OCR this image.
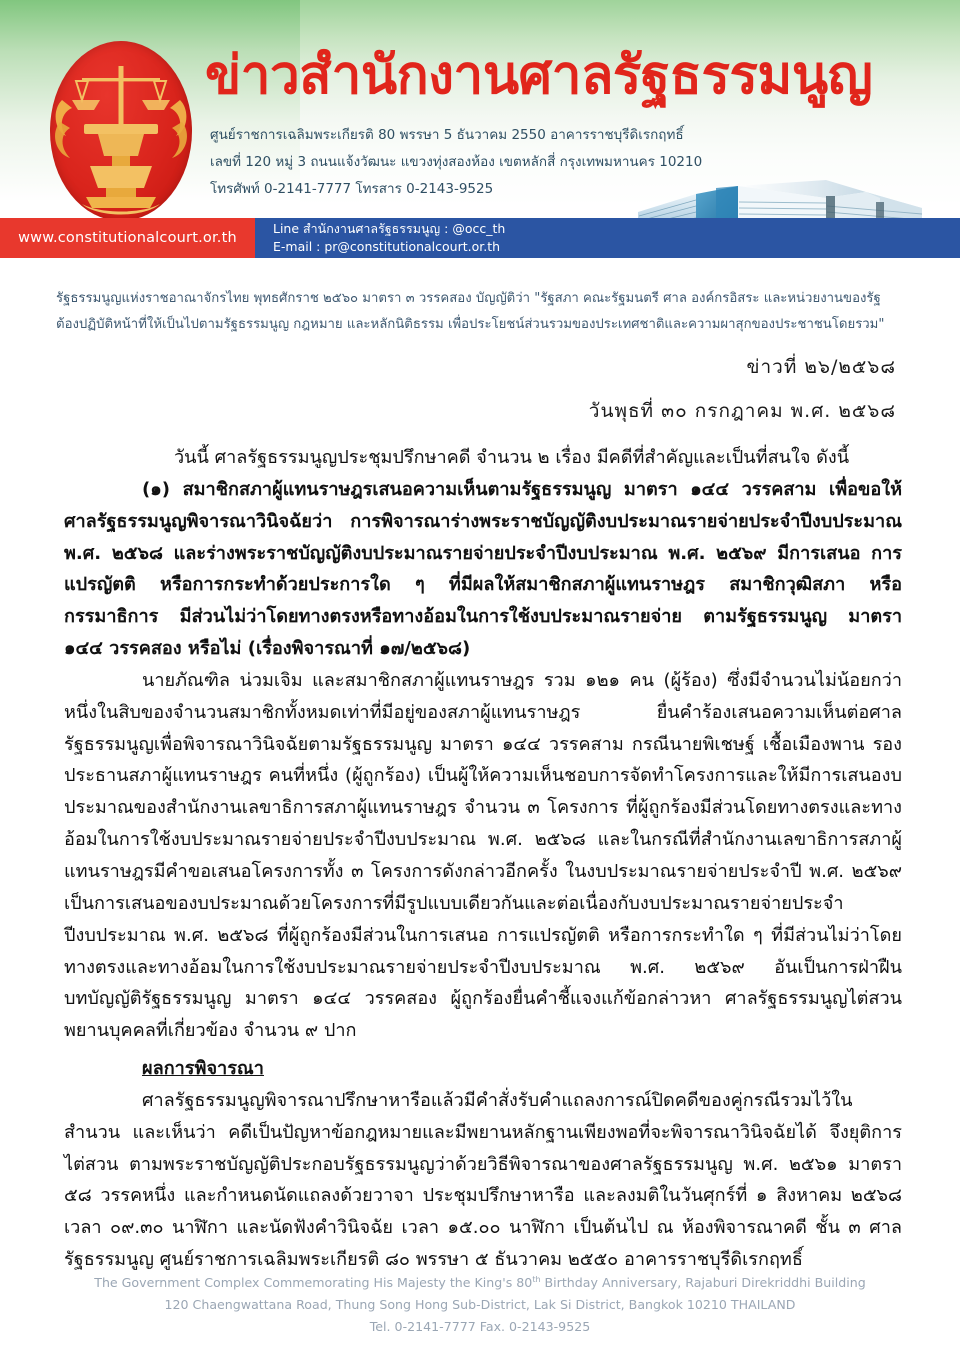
ข่าวสำนักงานศาลรัฐธรรมนูญ
ศูนย์ราชการเฉลิมพระเกียรติ 80 พรรษา 5 ธันวาคม 2550 อาคารราชบุรีดิเรกฤทธิ์
เลขที่ 120 หมู่ 3 ถนนแจ้งวัฒนะ แขวงทุ่งสองห้อง เขตหลักสี่ กรุงเทพมหานคร 10210
โทรศัพท์ 0-2141-7777 โทรสาร 0-2143-9525
www.constitutionalcourt.or.th
Line สำนักงานศาลรัฐธรรมนูญ : @occ_th
E-mail : pr@constitutionalcourt.or.th
รัฐธรรมนูญแห่งราชอาณาจักรไทย พุทธศักราช ๒๕๖๐ มาตรา ๓ วรรคสอง บัญญัติว่า "รัฐสภา คณะรัฐมนตรี ศาล องค์กรอิสระ และหน่วยงานของรัฐ
ต้องปฏิบัติหน้าที่ให้เป็นไปตามรัฐธรรมนูญ กฎหมาย และหลักนิติธรรม เพื่อประโยชน์ส่วนรวมของประเทศชาติและความผาสุกของประชาชนโดยรวม"
ข่าวที่ ๒๖/๒๕๖๘
วันพุธที่ ๓๐ กรกฎาคม พ.ศ. ๒๕๖๘

วันนี้ ศาลรัฐธรรมนูญประชุมปรึกษาคดี จำนวน ๒ เรื่อง มีคดีที่สำคัญและเป็นที่สนใจ ดังนี้

(๑) สมาชิกสภาผู้แทนราษฎรเสนอความเห็นตามรัฐธรรมนูญ มาตรา ๑๔๔ วรรคสาม เพื่อขอให้ศาลรัฐธรรมนูญพิจารณาวินิจฉัยว่า การพิจารณาร่างพระราชบัญญัติงบประมาณรายจ่ายประจำปีงบประมาณ พ.ศ. ๒๕๖๘ และร่างพระราชบัญญัติงบประมาณรายจ่ายประจำปีงบประมาณ พ.ศ. ๒๕๖๙ มีการเสนอ การแปรญัตติ หรือการกระทำด้วยประการใด ๆ ที่มีผลให้สมาชิกสภาผู้แทนราษฎร สมาชิกวุฒิสภา หรือกรรมาธิการ มีส่วนไม่ว่าโดยทางตรงหรือทางอ้อมในการใช้งบประมาณรายจ่าย ตามรัฐธรรมนูญ มาตรา ๑๔๔ วรรคสอง หรือไม่ (เรื่องพิจารณาที่ ๑๗/๒๕๖๘)

นายภัณฑิล น่วมเจิม และสมาชิกสภาผู้แทนราษฎร รวม ๑๒๑ คน (ผู้ร้อง) ซึ่งมีจำนวนไม่น้อยกว่าหนึ่งในสิบของจำนวนสมาชิกทั้งหมดเท่าที่มีอยู่ของสภาผู้แทนราษฎร ยื่นคำร้องเสนอความเห็นต่อศาลรัฐธรรมนูญเพื่อพิจารณาวินิจฉัยตามรัฐธรรมนูญ มาตรา ๑๔๔ วรรคสาม กรณีนายพิเชษฐ์ เชื้อเมืองพาน รองประธานสภาผู้แทนราษฎร คนที่หนึ่ง (ผู้ถูกร้อง) เป็นผู้ให้ความเห็นชอบการจัดทำโครงการและให้มีการเสนองบประมาณของสำนักงานเลขาธิการสภาผู้แทนราษฎร จำนวน ๓ โครงการ ที่ผู้ถูกร้องมีส่วนโดยทางตรงและทางอ้อมในการใช้งบประมาณรายจ่ายประจำปีงบประมาณ พ.ศ. ๒๕๖๘ และในกรณีที่สำนักงานเลขาธิการสภาผู้แทนราษฎรมีคำขอเสนอโครงการทั้ง ๓ โครงการดังกล่าวอีกครั้ง ในงบประมาณรายจ่ายประจำปี พ.ศ. ๒๕๖๙ เป็นการเสนอของบประมาณด้วยโครงการที่มีรูปแบบเดียวกันและต่อเนื่องกับงบประมาณรายจ่ายประจำปีงบประมาณ พ.ศ. ๒๕๖๘ ที่ผู้ถูกร้องมีส่วนในการเสนอ การแปรญัตติ หรือการกระทำใด ๆ ที่มีส่วนไม่ว่าโดยทางตรงและทางอ้อมในการใช้งบประมาณรายจ่ายประจำปีงบประมาณ พ.ศ. ๒๕๖๙ อันเป็นการฝ่าฝืนบทบัญญัติรัฐธรรมนูญ มาตรา ๑๔๔ วรรคสอง ผู้ถูกร้องยื่นคำชี้แจงแก้ข้อกล่าวหา ศาลรัฐธรรมนูญไต่สวนพยานบุคคลที่เกี่ยวข้อง จำนวน ๙ ปาก

ผลการพิจารณา

ศาลรัฐธรรมนูญพิจารณาปรึกษาหารือแล้วมีคำสั่งรับคำแถลงการณ์ปิดคดีของคู่กรณีรวมไว้ในสำนวน และเห็นว่า คดีเป็นปัญหาข้อกฎหมายและมีพยานหลักฐานเพียงพอที่จะพิจารณาวินิจฉัยได้ จึงยุติการไต่สวน ตามพระราชบัญญัติประกอบรัฐธรรมนูญว่าด้วยวิธีพิจารณาของศาลรัฐธรรมนูญ พ.ศ. ๒๕๖๑ มาตรา ๕๘ วรรคหนึ่ง และกำหนดนัดแถลงด้วยวาจา ประชุมปรึกษาหารือ และลงมติในวันศุกร์ที่ ๑ สิงหาคม ๒๕๖๘ เวลา ๐๙.๓๐ นาฬิกา และนัดฟังคำวินิจฉัย เวลา ๑๕.๐๐ นาฬิกา เป็นต้นไป ณ ห้องพิจารณาคดี ชั้น ๓ ศาลรัฐธรรมนูญ ศูนย์ราชการเฉลิมพระเกียรติ ๘๐ พรรษา ๕ ธันวาคม ๒๕๕๐ อาคารราชบุรีดิเรกฤทธิ์

The Government Complex Commemorating His Majesty the King's 80th Birthday Anniversary, Rajaburi Direkriddhi Building
120 Chaengwattana Road, Thung Song Hong Sub-District, Lak Si District, Bangkok 10210 THAILAND
Tel. 0-2141-7777 Fax. 0-2143-9525
